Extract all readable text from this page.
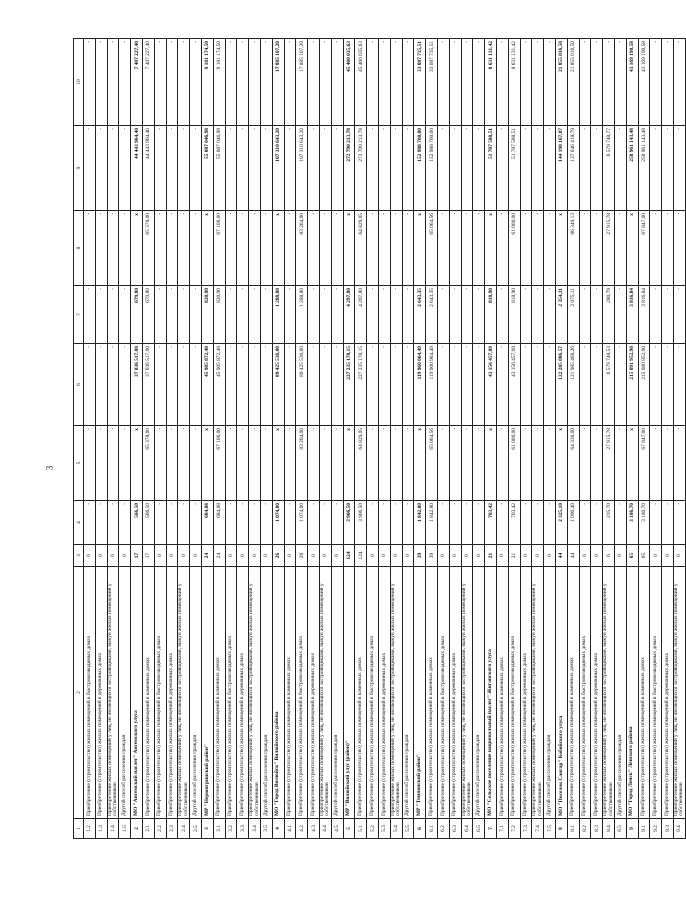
3
1	2	3	4	5	6	7	8	9	10
1.2	Приобретение (строительство) жилых помещений в быстровозводимых домах	0	-	-	-	-	-	-	-
1.3	Приобретение (строительство) жилых помещений в деревянных домах	0	-	-	-	-	-	-	-
1.4	Приобретение жилых помещений у лиц, не являющихся застройщиками, выкуп жилых помещений у собственников	0	-	-	-	-	-	-	-
1.5	Другой способ расселения граждан	0	-	-	-	-	-	-	-
2	МО "Ангемский наслег" Ангемского улуса	17	566,50	x	37 036 517,00	679,80	x	44 443 964,40	7 407 227,40
2.1	Приобретение (строительство) жилых помещений в каменных домах	17	566,50	65 378,00	37 036 517,00	679,80	65 378,00	44 443 964,40	7 407 227,40
2.2	Приобретение (строительство) жилых помещений в быстровозводимых домах	0	-	-	-	-	-	-	-
2.3	Приобретение (строительство) жилых помещений в деревянных домах	0	-	-	-	-	-	-	-
2.4	Приобретение жилых помещений у лиц, не являющихся застройщиками, выкуп жилых помещений у собственников	0	-	-	-	-	-	-	-
2.5	Другой способ расселения граждан	0	-	-	-	-	-	-	-
3	МР "Нерюнгринский район"	24	684,08	x	45 905 872,48	820,90	x	55 087 046,98	9 181 174,50
3.1	Приобретение (строительство) жилых помещений в каменных домах	24	684,08	67 106,00	45 905 872,48	820,90	67 106,00	55 087 046,98	9 181 174,50
3.2	Приобретение (строительство) жилых помещений в быстровозводимых домах	0	-	-	-	-	-	-	-
3.3	Приобретение (строительство) жилых помещений в деревянных домах	0	-	-	-	-	-	-	-
3.4	Приобретение жилых помещений у лиц, не являющихся застройщиками, выкуп жилых помещений у собственников	0	-	-	-	-	-	-	-
3.5	Другой способ расселения граждан	0	-	-	-	-	-	-	-
4	МО "Город Вилюйск" Вилюйского района	26	1 074,00	x	89 425 536,00	1 288,80	x	107 310 643,20	17 885 107,20
4.1	Приобретение (строительство) жилых помещений в каменных домах	0	-	-	-	-	-	-	-
4.2	Приобретение (строительство) жилых помещений в быстровозводимых домах	26	1 074,00	83 264,00	89 425 536,00	1 288,80	83 264,00	107 310 643,20	17 885 107,20
4.3	Приобретение (строительство) жилых помещений в деревянных домах	0	-	-	-	-	-	-	-
4.4	Приобретение жилых помещений у лиц, не являющихся застройщиками, выкуп жилых помещений у собственников	0	-	-	-	-	-	-	-
4.5	Другой способ расселения граждан	0	-	-	-	-	-	-	-
5	МР "Вилюйский улус (район)"	124	3 906,50	x	227 235 178,15	4 297,80	x	272 790 213,78	45 460 035,63
5.1	Приобретение (строительство) жилых помещений в каменных домах	124	3 906,50	64 829,05	227 235 178,15	4 207,80	64 829,05	272 700 213,78	45 460 035,63
5.2	Приобретение (строительство) жилых помещений в быстровозводимых домах	0	-	-	-	-	-	-	-
5.3	Приобретение (строительство) жилых помещений в деревянных домах	0	-	-	-	-	-	-	-
5.4	Приобретение жилых помещений у лиц, не являющихся застройщиками, выкуп жилых помещений у собственников	0	-	-	-	-	-	-	-
5.5	Другой способ расселения граждан	0	-	-	-	-	-	-	-
6	МР "Томпонский район"	39	1 842,80	x	119 960 064,49	2 643,35	x	152 988 700,00	33 087 735,51
6.1	Приобретение (строительство) жилых помещений в каменных домах	39	1 842,80	65 064,56	119 900 964,49	2 643,35	65 064,56	152 988 700,00	33 087 735,51
6.2	Приобретение (строительство) жилых помещений в быстровозводимых домах	0	-	-	-	-	-	-	-
6.3	Приобретение (строительство) жилых помещений в деревянных домах	0	-	-	-	-	-	-	-
6.4	Приобретение жилых помещений у лиц, не являющихся застройщиками, выкуп жилых помещений у собственников	0	-	-	-	-	-	-	-
6.5	Другой способ расселения граждан	0	-	-	-	-	-	-	-
7	МО "Сельское поселение национальный наслег" Жиганского улуса	21	703,42	x	43 156 457,09	818,90	x	51 787 588,51	8 631 131,42
7.1	Приобретение (строительство) жилых помещений в каменных домах	0	-	-	-	-	-	-	-
7.2	Приобретение (строительство) жилых помещений в быстровозводимых домах	21	703,42	61 000,00	43 156 457,09	818,90	61 000,00	51 787 588,51	8 631 131,42
7.3	Приобретение (строительство) жилых помещений в деревянных домах	0	-	-	-	-	-	-	-
7.4	Приобретение жилых помещений у лиц, не являющихся застройщиками, выкуп жилых помещений у собственников	0	-	-	-	-	-	-	-
7.5	Другой способ расселения граждан	0	-	-	-	-	-	-	-
8	МО "Поселок Сангар" Кобяйского улуса	44	2 325,10	x	122 285 086,57	2 354,11	x	144 190 167,07	21 855 016,50
8.1	Приобретение (строительство) жилых помещений в каменных домах	44	1 090,40	64 330,00	121 985 468,26	2 075,11	86 349,13	137 046 418,79	21 855 016,50
8.2	Приобретение (строительство) жилых помещений в быстровозводимых домах	0	-	-	-	-	-	-	-
8.3	Приобретение (строительство) жилых помещений в деревянных домах	0	-	-	-	-	-	-	-
8.4	Приобретение жилых помещений у лиц, не являющихся застройщиками, выкуп жилых помещений у собственников	6	235,70	27 915,78	6 579 748,53	280,79	27 915,78	6 579 748,77	-
8.5	Другой способ расселения граждан	0	-	-	-	-	-	-	-
9	МО "Город Ленск" Ленского района	65	3 186,70	x	215 091 952,90	3 816,84	x	258 961 143,48	43 169 190,58
9.1	Приобретение (строительство) жилых помещений в каменных домах	65	3 180,70	67 847,00	215 080 952,90	3 816,84	67 847,00	258 961 143,48	43 169 190,58
9.2	Приобретение (строительство) жилых помещений в быстровозводимых домах	0	-	-	-	-	-	-	-
9.3	Приобретение (строительство) жилых помещений в деревянных домах	0	-	-	-	-	-	-	-
9.4	Приобретение жилых помещений у лиц, не являющихся застройщиками, выкуп жилых помещений у собственников	0	-	-	-	-	-	-	-
